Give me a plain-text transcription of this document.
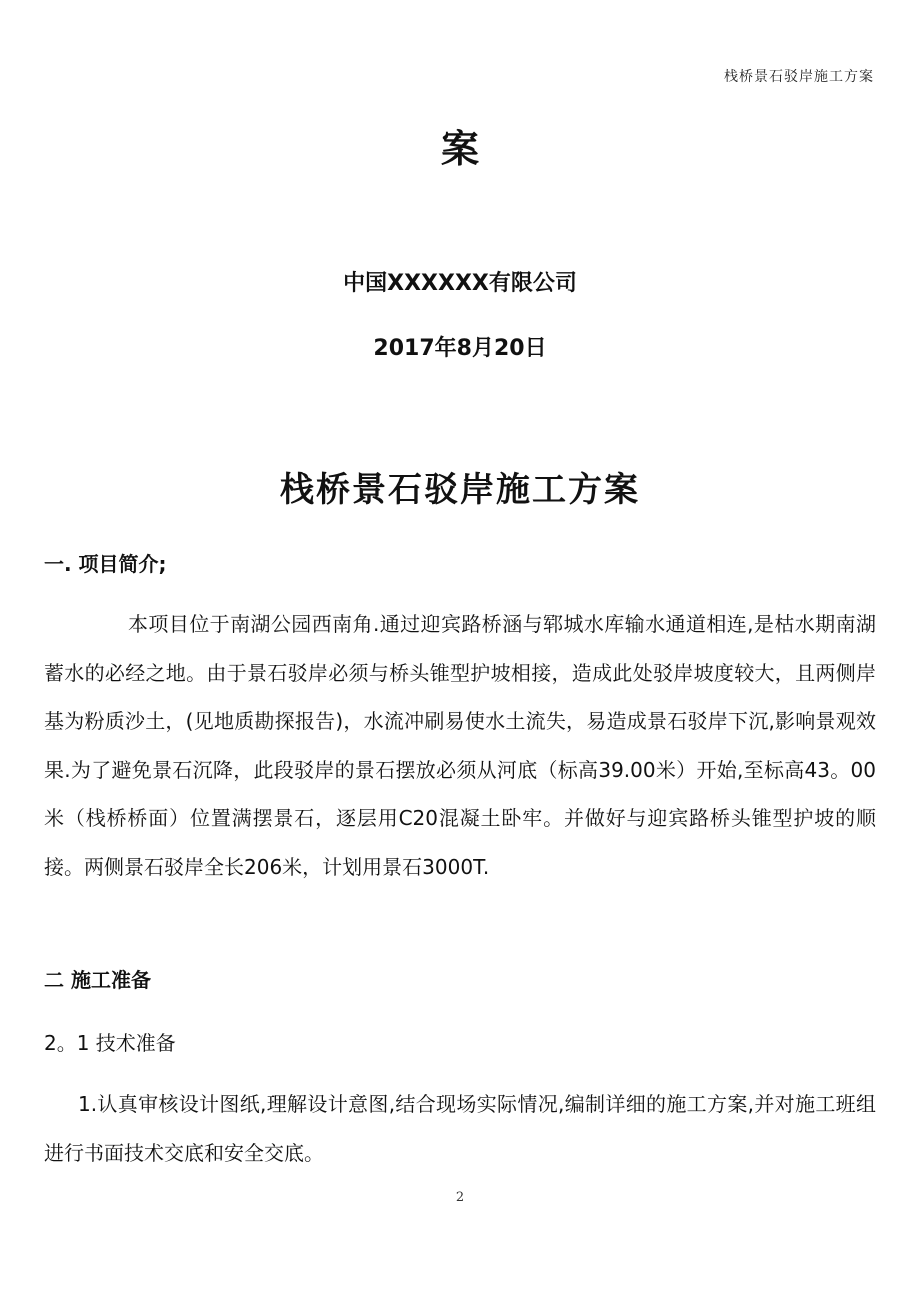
栈桥景石驳岸施工方案
案
中国XXXXXX有限公司
2017年8月20日
栈桥景石驳岸施工方案
一. 项目简介;

本项目位于南湖公园西南角.通过迎宾路桥涵与郓城水库输水通道相连,是枯水期南湖蓄水的必经之地。由于景石驳岸必须与桥头锥型护坡相接，造成此处驳岸坡度较大，且两侧岸基为粉质沙土，(见地质勘探报告)，水流冲刷易使水土流失，易造成景石驳岸下沉,影响景观效果.为了避免景石沉降，此段驳岸的景石摆放必须从河底（标高39.00米）开始,至标高43。00米（栈桥桥面）位置满摆景石，逐层用C20混凝土卧牢。并做好与迎宾路桥头锥型护坡的顺接。两侧景石驳岸全长206米，计划用景石3000T.

二 施工准备
2。1 技术准备

1.认真审核设计图纸,理解设计意图,结合现场实际情况,编制详细的施工方案,并对施工班组进行书面技术交底和安全交底。

2
